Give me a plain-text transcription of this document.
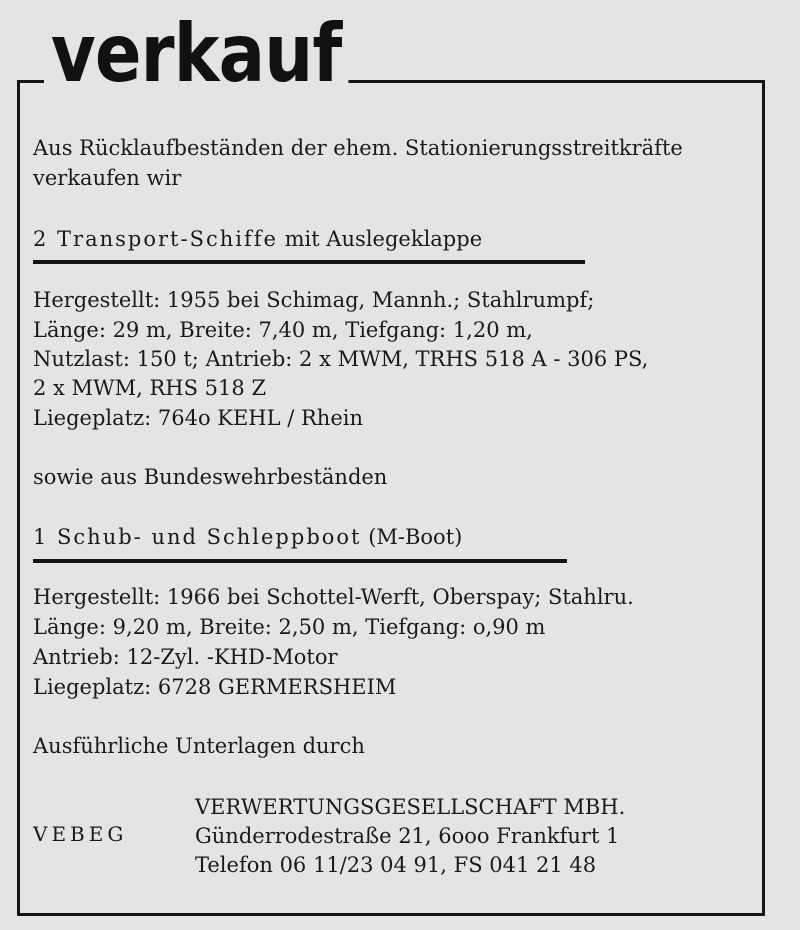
verkauf
Aus Rücklaufbeständen der ehem. Stationierungsstreitkräfte
verkaufen wir
2 Transport-Schiffe mit Auslegeklappe
Hergestellt: 1955 bei Schimag, Mannh.; Stahlrumpf;
Länge: 29 m, Breite: 7,40 m, Tiefgang: 1,20 m,
Nutzlast: 150 t; Antrieb: 2 x MWM, TRHS 518 A - 306 PS,
2 x MWM, RHS 518 Z
Liegeplatz: 764o KEHL / Rhein
sowie aus Bundeswehrbeständen
1 Schub- und Schleppboot (M-Boot)
Hergestellt: 1966 bei Schottel-Werft, Oberspay; Stahlru.
Länge: 9,20 m, Breite: 2,50 m, Tiefgang: o,90 m
Antrieb: 12-Zyl. -KHD-Motor
Liegeplatz: 6728 GERMERSHEIM
Ausführliche Unterlagen durch
VEBEG
VERWERTUNGSGESELLSCHAFT MBH.
Günderrodestraße 21, 6ooo Frankfurt 1
Telefon 06 11/23 04 91, FS 041 21 48
